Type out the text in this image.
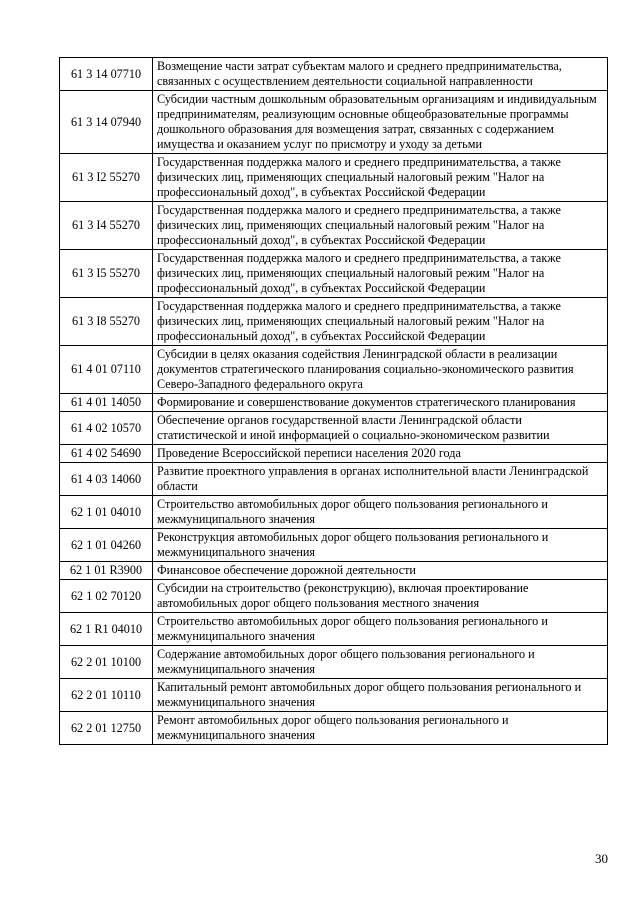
61 3 14 07710	Возмещение части затрат субъектам малого и среднего предпринимательства, связанных с осуществлением деятельности социальной направленности
61 3 14 07940	Субсидии частным дошкольным образовательным организациям и индивидуальным предпринимателям, реализующим основные общеобразовательные программы дошкольного образования для возмещения затрат, связанных с содержанием имущества и оказанием услуг по присмотру и уходу за детьми
61 3 I2 55270	Государственная поддержка малого и среднего предпринимательства, а также физических лиц, применяющих специальный налоговый режим "Налог на профессиональный доход", в субъектах Российской Федерации
61 3 I4 55270	Государственная поддержка малого и среднего предпринимательства, а также физических лиц, применяющих специальный налоговый режим "Налог на профессиональный доход", в субъектах Российской Федерации
61 3 I5 55270	Государственная поддержка малого и среднего предпринимательства, а также физических лиц, применяющих специальный налоговый режим "Налог на профессиональный доход", в субъектах Российской Федерации
61 3 I8 55270	Государственная поддержка малого и среднего предпринимательства, а также физических лиц, применяющих специальный налоговый режим "Налог на профессиональный доход", в субъектах Российской Федерации
61 4 01 07110	Субсидии в целях оказания содействия Ленинградской области в реализации документов стратегического планирования социально-экономического развития Северо-Западного федерального округа
61 4 01 14050	Формирование и совершенствование документов стратегического планирования
61 4 02 10570	Обеспечение органов государственной власти Ленинградской области статистической и иной информацией о социально-экономическом развитии
61 4 02 54690	Проведение Всероссийской переписи населения 2020 года
61 4 03 14060	Развитие проектного управления в органах исполнительной власти Ленинградской области
62 1 01 04010	Строительство автомобильных дорог общего пользования регионального и межмуниципального значения
62 1 01 04260	Реконструкция автомобильных дорог общего пользования регионального и межмуниципального значения
62 1 01 R3900	Финансовое обеспечение дорожной деятельности
62 1 02 70120	Субсидии на строительство (реконструкцию), включая проектирование автомобильных дорог общего пользования местного значения
62 1 R1 04010	Строительство автомобильных дорог общего пользования регионального и межмуниципального значения
62 2 01 10100	Содержание автомобильных дорог общего пользования регионального и межмуниципального значения
62 2 01 10110	Капитальный ремонт автомобильных дорог общего пользования регионального и межмуниципального значения
62 2 01 12750	Ремонт автомобильных дорог общего пользования регионального и межмуниципального значения
30
